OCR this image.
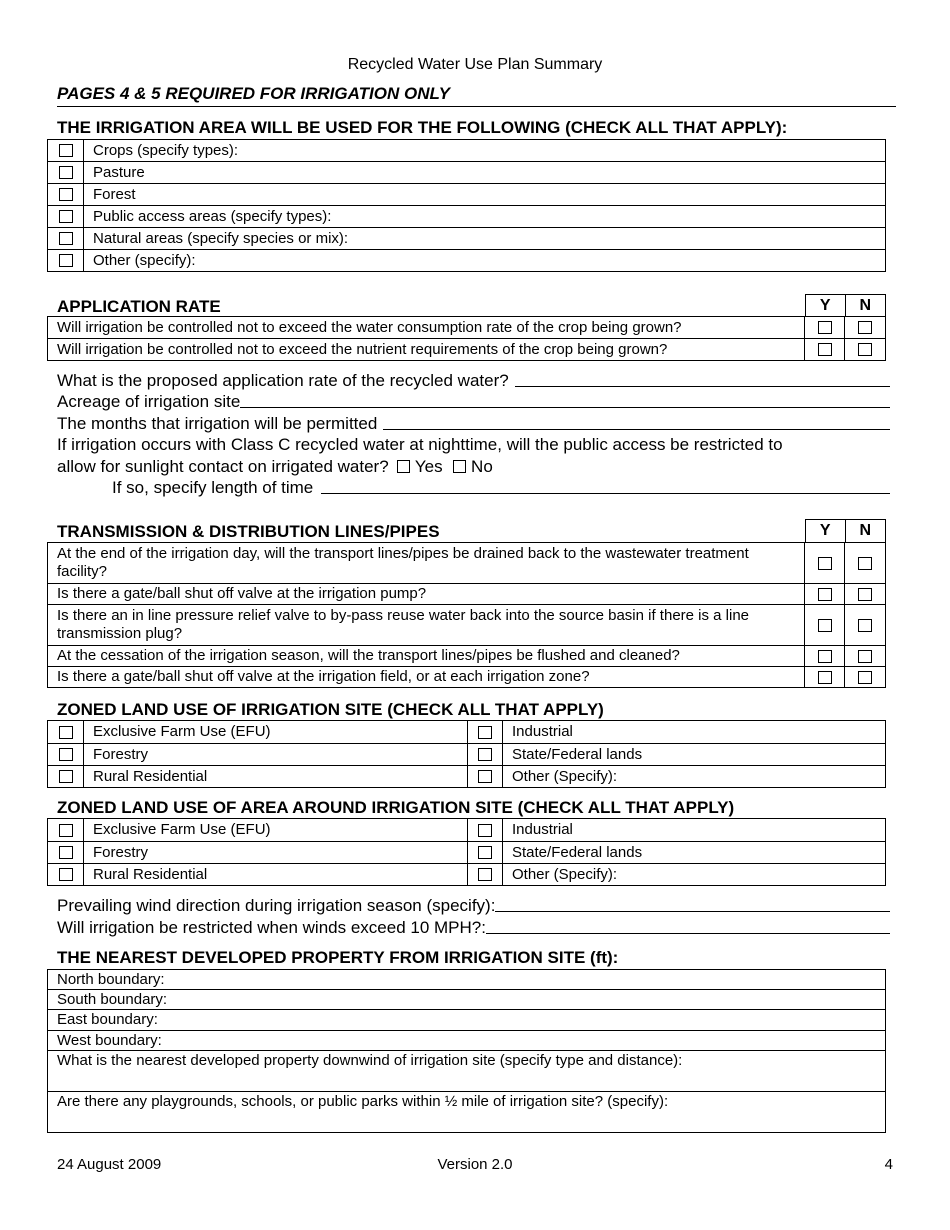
Recycled Water Use Plan Summary
PAGES 4 & 5 REQUIRED FOR IRRIGATION ONLY
THE IRRIGATION AREA WILL BE USED FOR THE FOLLOWING (CHECK ALL THAT APPLY):
	Crops (specify types):
	Pasture
	Forest
	Public access areas (specify types):
	Natural areas (specify species or mix):
	Other (specify):
APPLICATION RATE	Y	N
Will irrigation be controlled not to exceed the water consumption rate of the crop being grown?		
Will irrigation be controlled not to exceed the nutrient requirements of the crop being grown?		
What is the proposed application rate of the recycled water?
Acreage of irrigation site
The months that irrigation will be permitted
If irrigation occurs with Class C recycled water at nighttime, will the public access be restricted to
allow for sunlight contact on irrigated water? Yes No
If so, specify length of time
TRANSMISSION & DISTRIBUTION LINES/PIPES	Y	N
At the end of the irrigation day, will the transport lines/pipes be drained back to the wastewater treatment facility?		
Is there a gate/ball shut off valve at the irrigation pump?		
Is there an in line pressure relief valve to by-pass reuse water back into the source basin if there is a line transmission plug?		
At the cessation of the irrigation season, will the transport lines/pipes be flushed and cleaned?		
Is there a gate/ball shut off valve at the irrigation field, or at each irrigation zone?		
ZONED LAND USE OF IRRIGATION SITE (CHECK ALL THAT APPLY)
	Exclusive Farm Use (EFU)		Industrial
	Forestry		State/Federal lands
	Rural Residential		Other (Specify):
ZONED LAND USE OF AREA AROUND IRRIGATION SITE (CHECK ALL THAT APPLY)
	Exclusive Farm Use (EFU)		Industrial
	Forestry		State/Federal lands
	Rural Residential		Other (Specify):
Prevailing wind direction during irrigation season (specify):
Will irrigation be restricted when winds exceed 10 MPH?:
THE NEAREST DEVELOPED PROPERTY FROM IRRIGATION SITE (ft):
North boundary:
South boundary:
East boundary:
West boundary:
What is the nearest developed property downwind of irrigation site (specify type and distance):
Are there any playgrounds, schools, or public parks within ½ mile of irrigation site? (specify):
24 August 2009	Version 2.0	4
